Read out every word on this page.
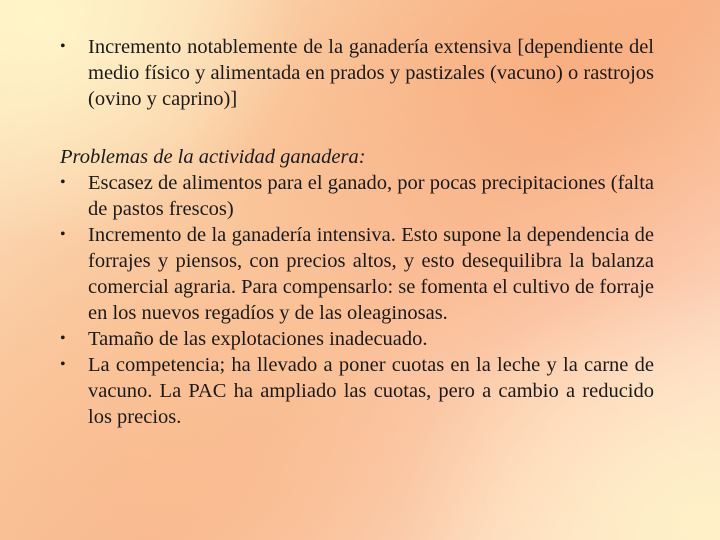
•	Incremento notablemente de la ganadería extensiva [dependiente del medio físico y alimentada en prados y pastizales (vacuno) o rastrojos (ovino y caprino)]
Problemas de la actividad ganadera:
•	Escasez de alimentos para el ganado, por pocas precipitaciones (falta de pastos frescos)
•	Incremento de la ganadería intensiva. Esto supone la dependencia de forrajes y piensos, con precios altos, y esto desequilibra la balanza comercial agraria. Para compensarlo: se fomenta el cultivo de forraje en los nuevos regadíos y de las oleaginosas.
•	Tamaño de las explotaciones inadecuado.
•	La competencia; ha llevado a poner cuotas en la leche y la carne de vacuno. La PAC ha ampliado las cuotas, pero a cambio a reducido los precios.
